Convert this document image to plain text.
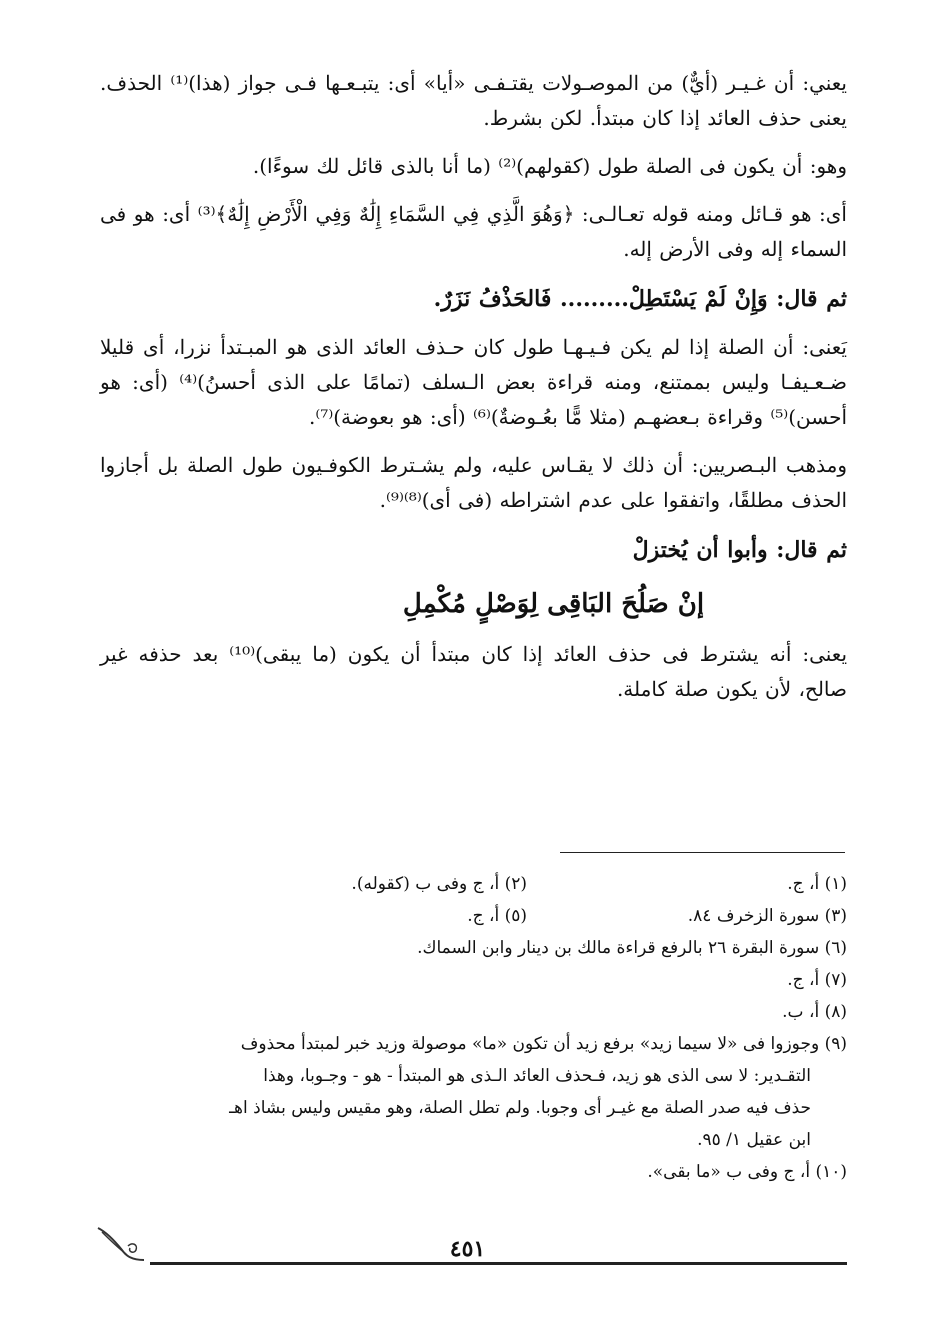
يعني: أن غـيـر (أيٌّ) من الموصـولات يقتـفـى «أيا» أى: يتبـعـها فـى جواز (هذا)⁽¹⁾ الحذف. يعنى حذف العائد إذا كان مبتدأ. لكن بشرط.

وهو: أن يكون فى الصلة طول (كقولهم)⁽²⁾ (ما أنا بالذى قائل لك سوءًا).

أى: هو قـائل ومنه قوله تعـالـى: ﴿وَهُوَ الَّذِي فِي السَّمَاءِ إِلَٰهٌ وَفِي الْأَرْضِ إِلَٰهٌ﴾⁽³⁾ أى: هو فى السماء إله وفى الأرض إله.

ثم قال: وَإِنْ لَمْ يَسْتَطِلْ......... فَالحَذْفُ نَزَرٌ.

يَعنى: أن الصلة إذا لم يكن فـيـهـا طول كان حـذف العائد الذى هو المبـتدأ نزرا، أى قليلا ضـعـيفـا وليس بممتنع، ومنه قراءة بعض الـسلف (تمامًا على الذى أحسنُ)⁽⁴⁾ (أى: هو أحسن)⁽⁵⁾ وقراءة بـعضهـم (مثلا مًّا بعُـوضةٌ)⁽⁶⁾ (أى: هو بعوضة)⁽⁷⁾.

ومذهب البـصريين: أن ذلك لا يقـاس عليه، ولم يشـترط الكوفـيون طول الصلة بل أجازوا الحذف مطلقًا، واتفقوا على عدم اشتراطه (فى أى)⁽⁸⁾⁽⁹⁾.

ثم قال: وأبوا أن يُختزلْ

إنْ صَلُحَ البَاقِى لِوَصْلٍ مُكْمِلِ

يعنى: أنه يشترط فى حذف العائد إذا كان مبتدأ أن يكون (ما يبقى)⁽¹⁰⁾ بعد حذفه غير صالح، لأن يكون صلة كاملة.

(١) أ، ج.
(٢) أ، ج وفى ب (كقوله).
(٣) سورة الزخرف ٨٤.
(٥) أ، ج.

(٦) سورة البقرة ٢٦ بالرفع قراءة مالك بن دينار وابن السماك.

(٧) أ، ج.

(٨) أ، ب.

(٩) وجوزوا فى «لا سيما زيد» برفع زيد أن تكون «ما» موصولة وزيد خبر لمبتدأ محذوف

التقـدير: لا سى الذى هو زيد، فـحذف العائد الـذى هو المبتدأ - هو - وجـوبا، وهذا

حذف فيه صدر الصلة مع غيـر أى وجوبا. ولم تطل الصلة، وهو مقيس وليس بشاذ اهـ

ابن عقيل ١/ ٩٥.

(١٠) أ، ج وفى ب «ما بقى».

٤٥١
